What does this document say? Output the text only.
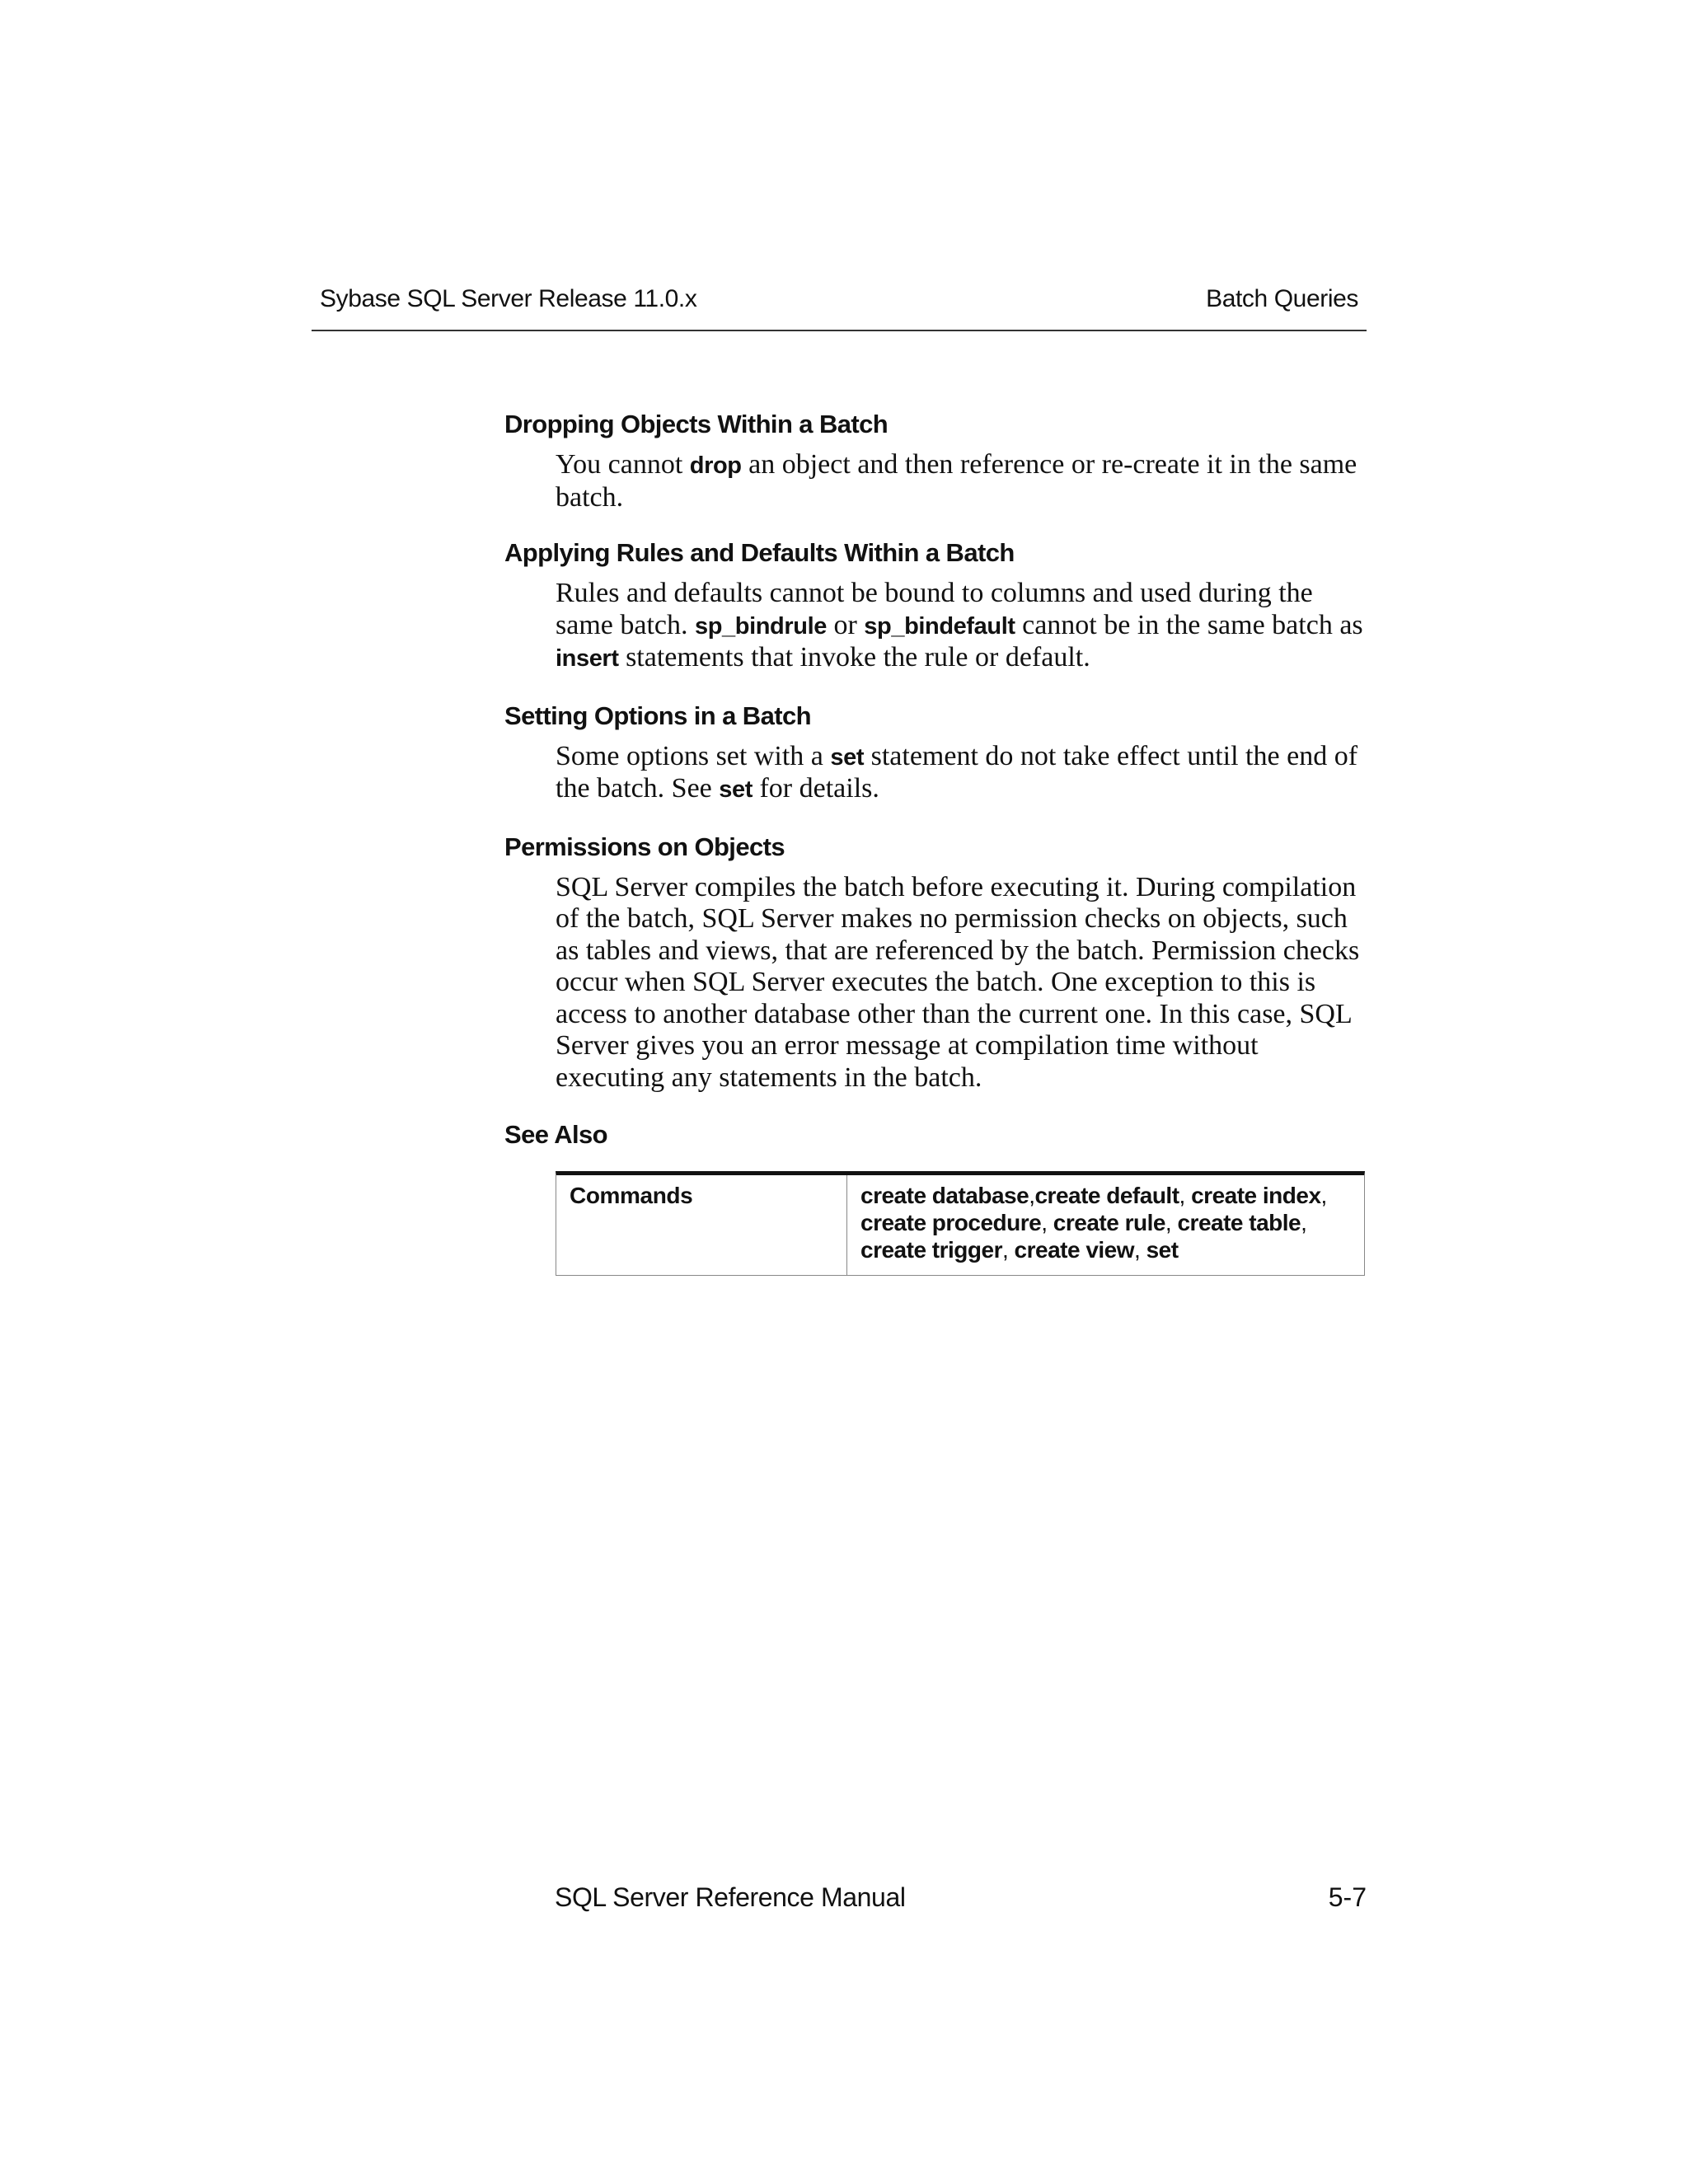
Sybase SQL Server Release 11.0.x	Batch Queries
Dropping Objects Within a Batch

You cannot drop an object and then reference or re-create it in the same batch.

Applying Rules and Defaults Within a Batch

Rules and defaults cannot be bound to columns and used during the same batch. sp_bindrule or sp_bindefault cannot be in the same batch as insert statements that invoke the rule or default.

Setting Options in a Batch

Some options set with a set statement do not take effect until the end of the batch. See set for details.

Permissions on Objects

SQL Server compiles the batch before executing it. During compilation of the batch, SQL Server makes no permission checks on objects, such as tables and views, that are referenced by the batch. Permission checks occur when SQL Server executes the batch. One exception to this is access to another database other than the current one. In this case, SQL Server gives you an error message at compilation time without executing any statements in the batch.

See Also
Commands	create database,create default, create index, create procedure, create rule, create table, create trigger, create view, set
SQL Server Reference Manual	5-7
